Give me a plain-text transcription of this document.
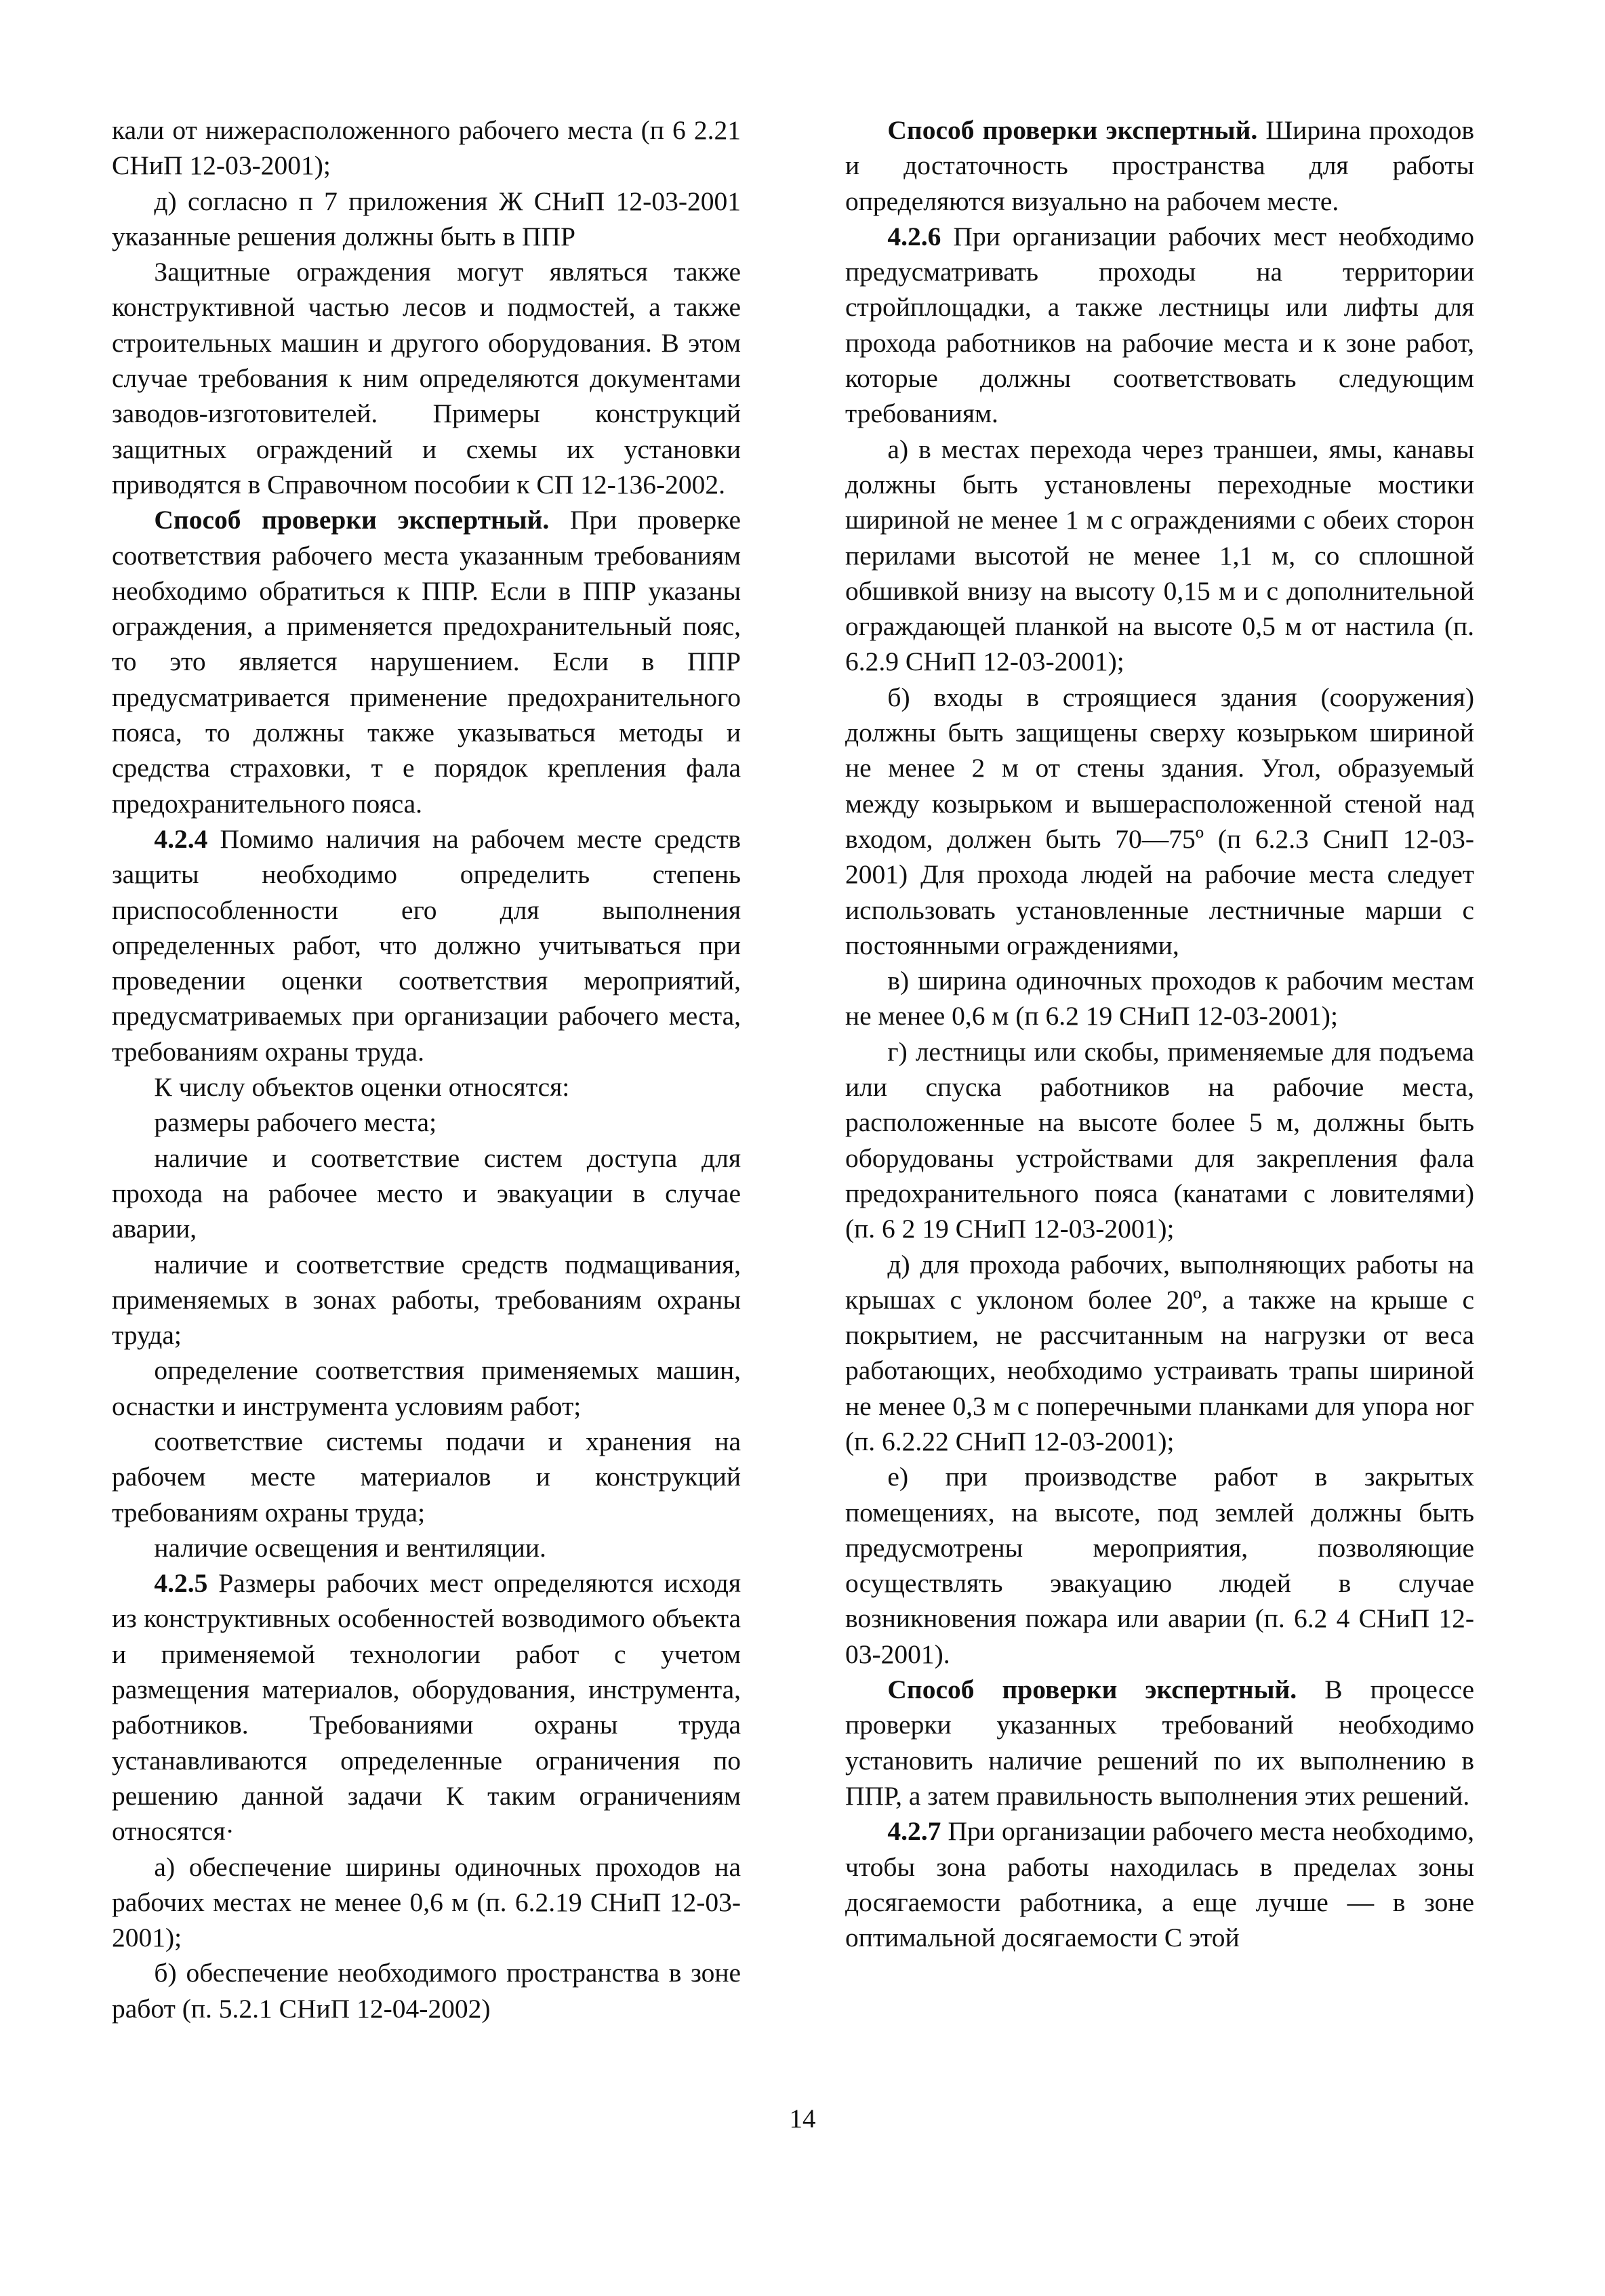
кали от нижерасположенного рабочего места (п 6 2.21 СНиП 12-03-2001);

д) согласно п 7 приложения Ж СНиП 12-03-2001 указанные решения должны быть в ППР

Защитные ограждения могут являться также конструктивной частью лесов и подмостей, а также строительных машин и другого оборудования. В этом случае требования к ним определяются документами заводов-изготовителей. Примеры конструкций защитных ограждений и схемы их установки приводятся в Справочном пособии к СП 12-136-2002.

Способ проверки экспертный. При проверке соответствия рабочего места указанным требованиям необходимо обратиться к ППР. Если в ППР указаны ограждения, а применяется предохранительный пояс, то это является нарушением. Если в ППР предусматривается применение предохранительного пояса, то должны также указываться методы и средства страховки, т е порядок крепления фала предохранительного пояса.

4.2.4 Помимо наличия на рабочем месте средств защиты необходимо определить степень приспособленности его для выполнения определенных работ, что должно учитываться при проведении оценки соответствия мероприятий, предусматриваемых при организации рабочего места, требованиям охраны труда.

К числу объектов оценки относятся:

размеры рабочего места;

наличие и соответствие систем доступа для прохода на рабочее место и эвакуации в случае аварии,

наличие и соответствие средств подмащивания, применяемых в зонах работы, требованиям охраны труда;

определение соответствия применяемых машин, оснастки и инструмента условиям работ;

соответствие системы подачи и хранения на рабочем месте материалов и конструкций требованиям охраны труда;

наличие освещения и вентиляции.

4.2.5 Размеры рабочих мест определяются исходя из конструктивных особенностей возводимого объекта и применяемой технологии работ с учетом размещения материалов, оборудования, инструмента, работников. Требованиями охраны труда устанавливаются определенные ограничения по решению данной задачи К таким ограничениям относятся·

а) обеспечение ширины одиночных проходов на рабочих местах не менее 0,6 м (п. 6.2.19 СНиП 12-03-2001);

б) обеспечение необходимого пространства в зоне работ (п. 5.2.1 СНиП 12-04-2002)

Способ проверки экспертный. Ширина проходов и достаточность пространства для работы определяются визуально на рабочем месте.

4.2.6 При организации рабочих мест необходимо предусматривать проходы на территории стройплощадки, а также лестницы или лифты для прохода работников на рабочие места и к зоне работ, которые должны соответствовать следующим требованиям.

а) в местах перехода через траншеи, ямы, канавы должны быть установлены переходные мостики шириной не менее 1 м с ограждениями с обеих сторон перилами высотой не менее 1,1 м, со сплошной обшивкой внизу на высоту 0,15 м и с дополнительной ограждающей планкой на высоте 0,5 м от настила (п. 6.2.9 СНиП 12-03-2001);

б) входы в строящиеся здания (сооружения) должны быть защищены сверху козырьком шириной не менее 2 м от стены здания. Угол, образуемый между козырьком и вышерасположенной стеной над входом, должен быть 70—75º (п 6.2.3 СниП 12-03-2001) Для прохода людей на рабочие места следует использовать установленные лестничные марши с постоянными ограждениями,

в) ширина одиночных проходов к рабочим местам не менее 0,6 м (п 6.2 19 СНиП 12-03-2001);

г) лестницы или скобы, применяемые для подъема или спуска работников на рабочие места, расположенные на высоте более 5 м, должны быть оборудованы устройствами для закрепления фала предохранительного пояса (канатами с ловителями) (п. 6 2 19 СНиП 12-03-2001);

д) для прохода рабочих, выполняющих работы на крышах с уклоном более 20º, а также на крыше с покрытием, не рассчитанным на нагрузки от веса работающих, необходимо устраивать трапы шириной не менее 0,3 м с поперечными планками для упора ног (п. 6.2.22 СНиП 12-03-2001);

е) при производстве работ в закрытых помещениях, на высоте, под землей должны быть предусмотрены мероприятия, позволяющие осуществлять эвакуацию людей в случае возникновения пожара или аварии (п. 6.2 4 СНиП 12-03-2001).

Способ проверки экспертный. В процессе проверки указанных требований необходимо установить наличие решений по их выполнению в ППР, а затем правильность выполнения этих решений.

4.2.7 При организации рабочего места необходимо, чтобы зона работы находилась в пределах зоны досягаемости работника, а еще лучше — в зоне оптимальной досягаемости С этой

14
